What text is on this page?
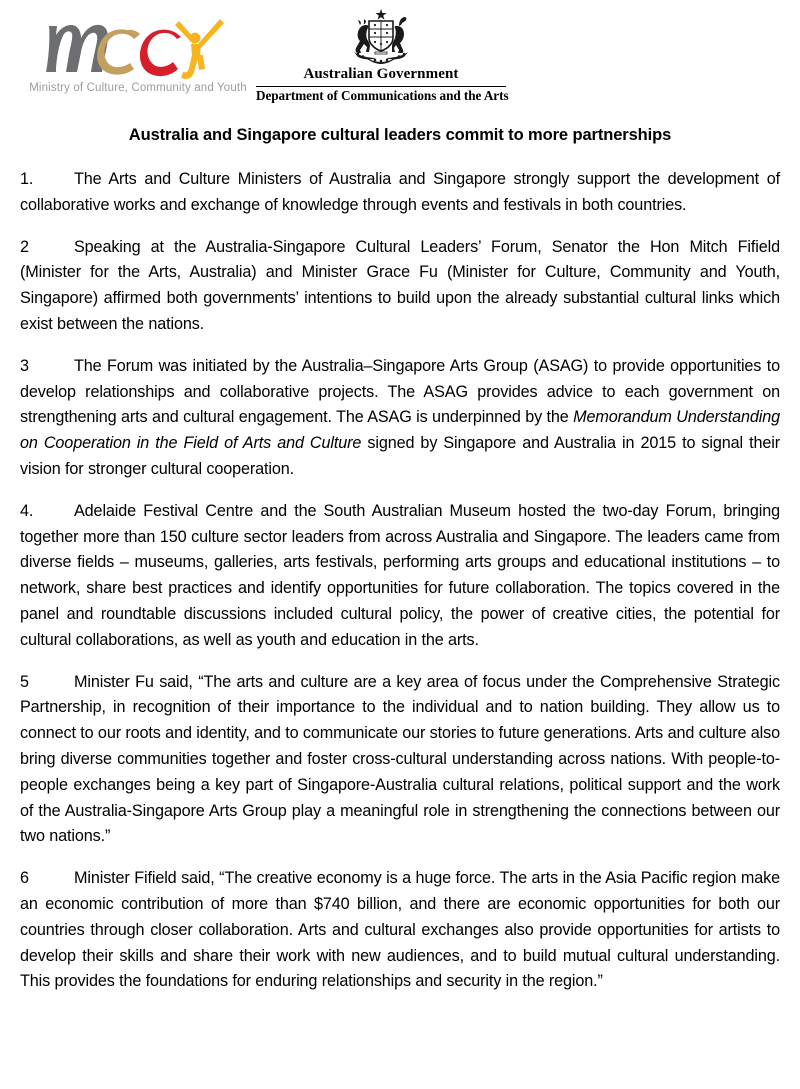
Ministry of Culture, Community and Youth
Australian Government
Department of Communications and the Arts
Australia and Singapore cultural leaders commit to more partnerships

1.	The Arts and Culture Ministers of Australia and Singapore strongly support the development of collaborative works and exchange of knowledge through events and festivals in both countries.

2	Speaking at the Australia-Singapore Cultural Leaders’ Forum, Senator the Hon Mitch Fifield (Minister for the Arts, Australia) and Minister Grace Fu (Minister for Culture, Community and Youth, Singapore) affirmed both governments’ intentions to build upon the already substantial cultural links which exist between the nations.

3	The Forum was initiated by the Australia–Singapore Arts Group (ASAG) to provide opportunities to develop relationships and collaborative projects. The ASAG provides advice to each government on strengthening arts and cultural engagement. The ASAG is underpinned by the Memorandum Understanding on Cooperation in the Field of Arts and Culture signed by Singapore and Australia in 2015 to signal their vision for stronger cultural cooperation.

4.	Adelaide Festival Centre and the South Australian Museum hosted the two-day Forum, bringing together more than 150 culture sector leaders from across Australia and Singapore. The leaders came from diverse fields – museums, galleries, arts festivals, performing arts groups and educational institutions – to network, share best practices and identify opportunities for future collaboration. The topics covered in the panel and roundtable discussions included cultural policy, the power of creative cities, the potential for cultural collaborations, as well as youth and education in the arts.

5	Minister Fu said, “The arts and culture are a key area of focus under the Comprehensive Strategic Partnership, in recognition of their importance to the individual and to nation building. They allow us to connect to our roots and identity, and to communicate our stories to future generations. Arts and culture also bring diverse communities together and foster cross-cultural understanding across nations. With people-to-people exchanges being a key part of Singapore-Australia cultural relations, political support and the work of the Australia-Singapore Arts Group play a meaningful role in strengthening the connections between our two nations.”

6	Minister Fifield said, “The creative economy is a huge force. The arts in the Asia Pacific region make an economic contribution of more than $740 billion, and there are economic opportunities for both our countries through closer collaboration. Arts and cultural exchanges also provide opportunities for artists to develop their skills and share their work with new audiences, and to build mutual cultural understanding. This provides the foundations for enduring relationships and security in the region.”
